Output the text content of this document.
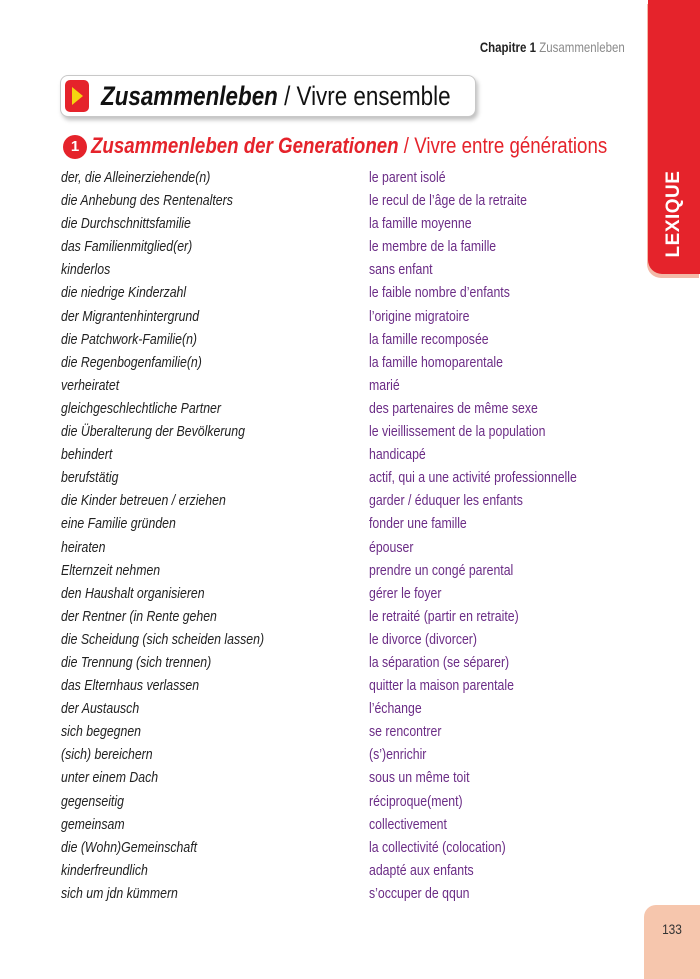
Chapitre 1 Zusammenleben
LEXIQUE
Zusammenleben / Vivre ensemble
1 Zusammenleben der Generationen / Vivre entre générations
der, die Alleinerziehende(n)	le parent isolé
die Anhebung des Rentenalters	le recul de l’âge de la retraite
die Durchschnittsfamilie	la famille moyenne
das Familienmitglied(er)	le membre de la famille
kinderlos	sans enfant
die niedrige Kinderzahl	le faible nombre d’enfants
der Migrantenhintergrund	l’origine migratoire
die Patchwork-Familie(n)	la famille recomposée
die Regenbogenfamilie(n)	la famille homoparentale
verheiratet	marié
gleichgeschlechtliche Partner	des partenaires de même sexe
die Überalterung der Bevölkerung	le vieillissement de la population
behindert	handicapé
berufstätig	actif, qui a une activité professionnelle
die Kinder betreuen / erziehen	garder / éduquer les enfants
eine Familie gründen	fonder une famille
heiraten	épouser
Elternzeit nehmen	prendre un congé parental
den Haushalt organisieren	gérer le foyer
der Rentner (in Rente gehen	le retraité (partir en retraite)
die Scheidung (sich scheiden lassen)	le divorce (divorcer)
die Trennung (sich trennen)	la séparation (se séparer)
das Elternhaus verlassen	quitter la maison parentale
der Austausch	l’échange
sich begegnen	se rencontrer
(sich) bereichern	(s’)enrichir
unter einem Dach	sous un même toit
gegenseitig	réciproque(ment)
gemeinsam	collectivement
die (Wohn)Gemeinschaft	la collectivité (colocation)
kinderfreundlich	adapté aux enfants
sich um jdn kümmern	s’occuper de qqun
133
